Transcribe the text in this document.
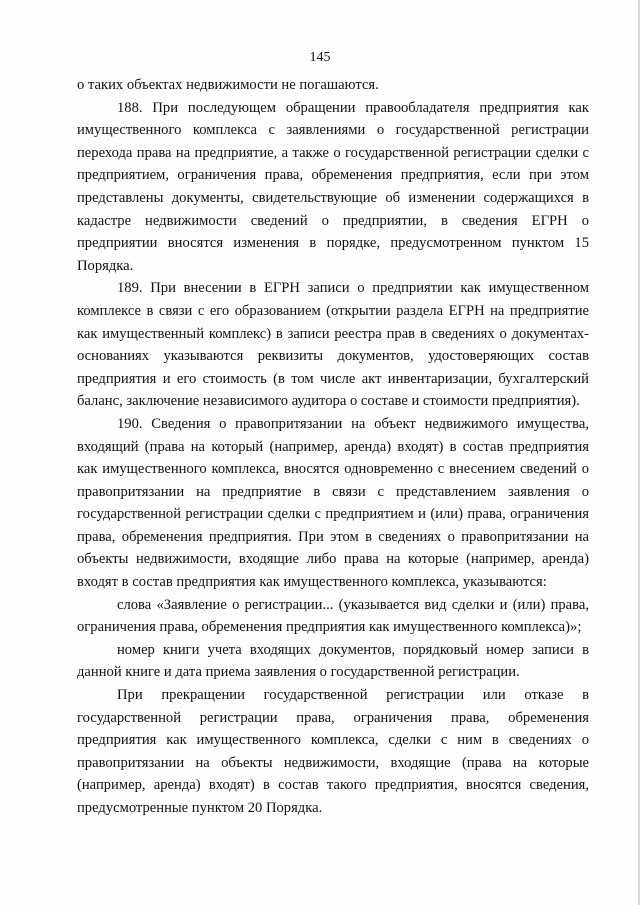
145

о таких объектах недвижимости не погашаются.

188. При последующем обращении правообладателя предприятия как имущественного комплекса с заявлениями о государственной регистрации перехода права на предприятие, а также о государственной регистрации сделки с предприятием, ограничения права, обременения предприятия, если при этом представлены документы, свидетельствующие об изменении содержащихся в кадастре недвижимости сведений о предприятии, в сведения ЕГРН о предприятии вносятся изменения в порядке, предусмотренном пунктом 15 Порядка.

189. При внесении в ЕГРН записи о предприятии как имущественном комплексе в связи с его образованием (открытии раздела ЕГРН на предприятие как имущественный комплекс) в записи реестра прав в сведениях о документах-основаниях указываются реквизиты документов, удостоверяющих состав предприятия и его стоимость (в том числе акт инвентаризации, бухгалтерский баланс, заключение независимого аудитора о составе и стоимости предприятия).

190. Сведения о правопритязании на объект недвижимого имущества, входящий (права на который (например, аренда) входят) в состав предприятия как имущественного комплекса, вносятся одновременно с внесением сведений о правопритязании на предприятие в связи с представлением заявления о государственной регистрации сделки с предприятием и (или) права, ограничения права, обременения предприятия. При этом в сведениях о правопритязании на объекты недвижимости, входящие либо права на которые (например, аренда) входят в состав предприятия как имущественного комплекса, указываются:

слова «Заявление о регистрации... (указывается вид сделки и (или) права, ограничения права, обременения предприятия как имущественного комплекса)»;

номер книги учета входящих документов, порядковый номер записи в данной книге и дата приема заявления о государственной регистрации.

При прекращении государственной регистрации или отказе в государственной регистрации права, ограничения права, обременения предприятия как имущественного комплекса, сделки с ним в сведениях о правопритязании на объекты недвижимости, входящие (права на которые (например, аренда) входят) в состав такого предприятия, вносятся сведения, предусмотренные пунктом 20 Порядка.
